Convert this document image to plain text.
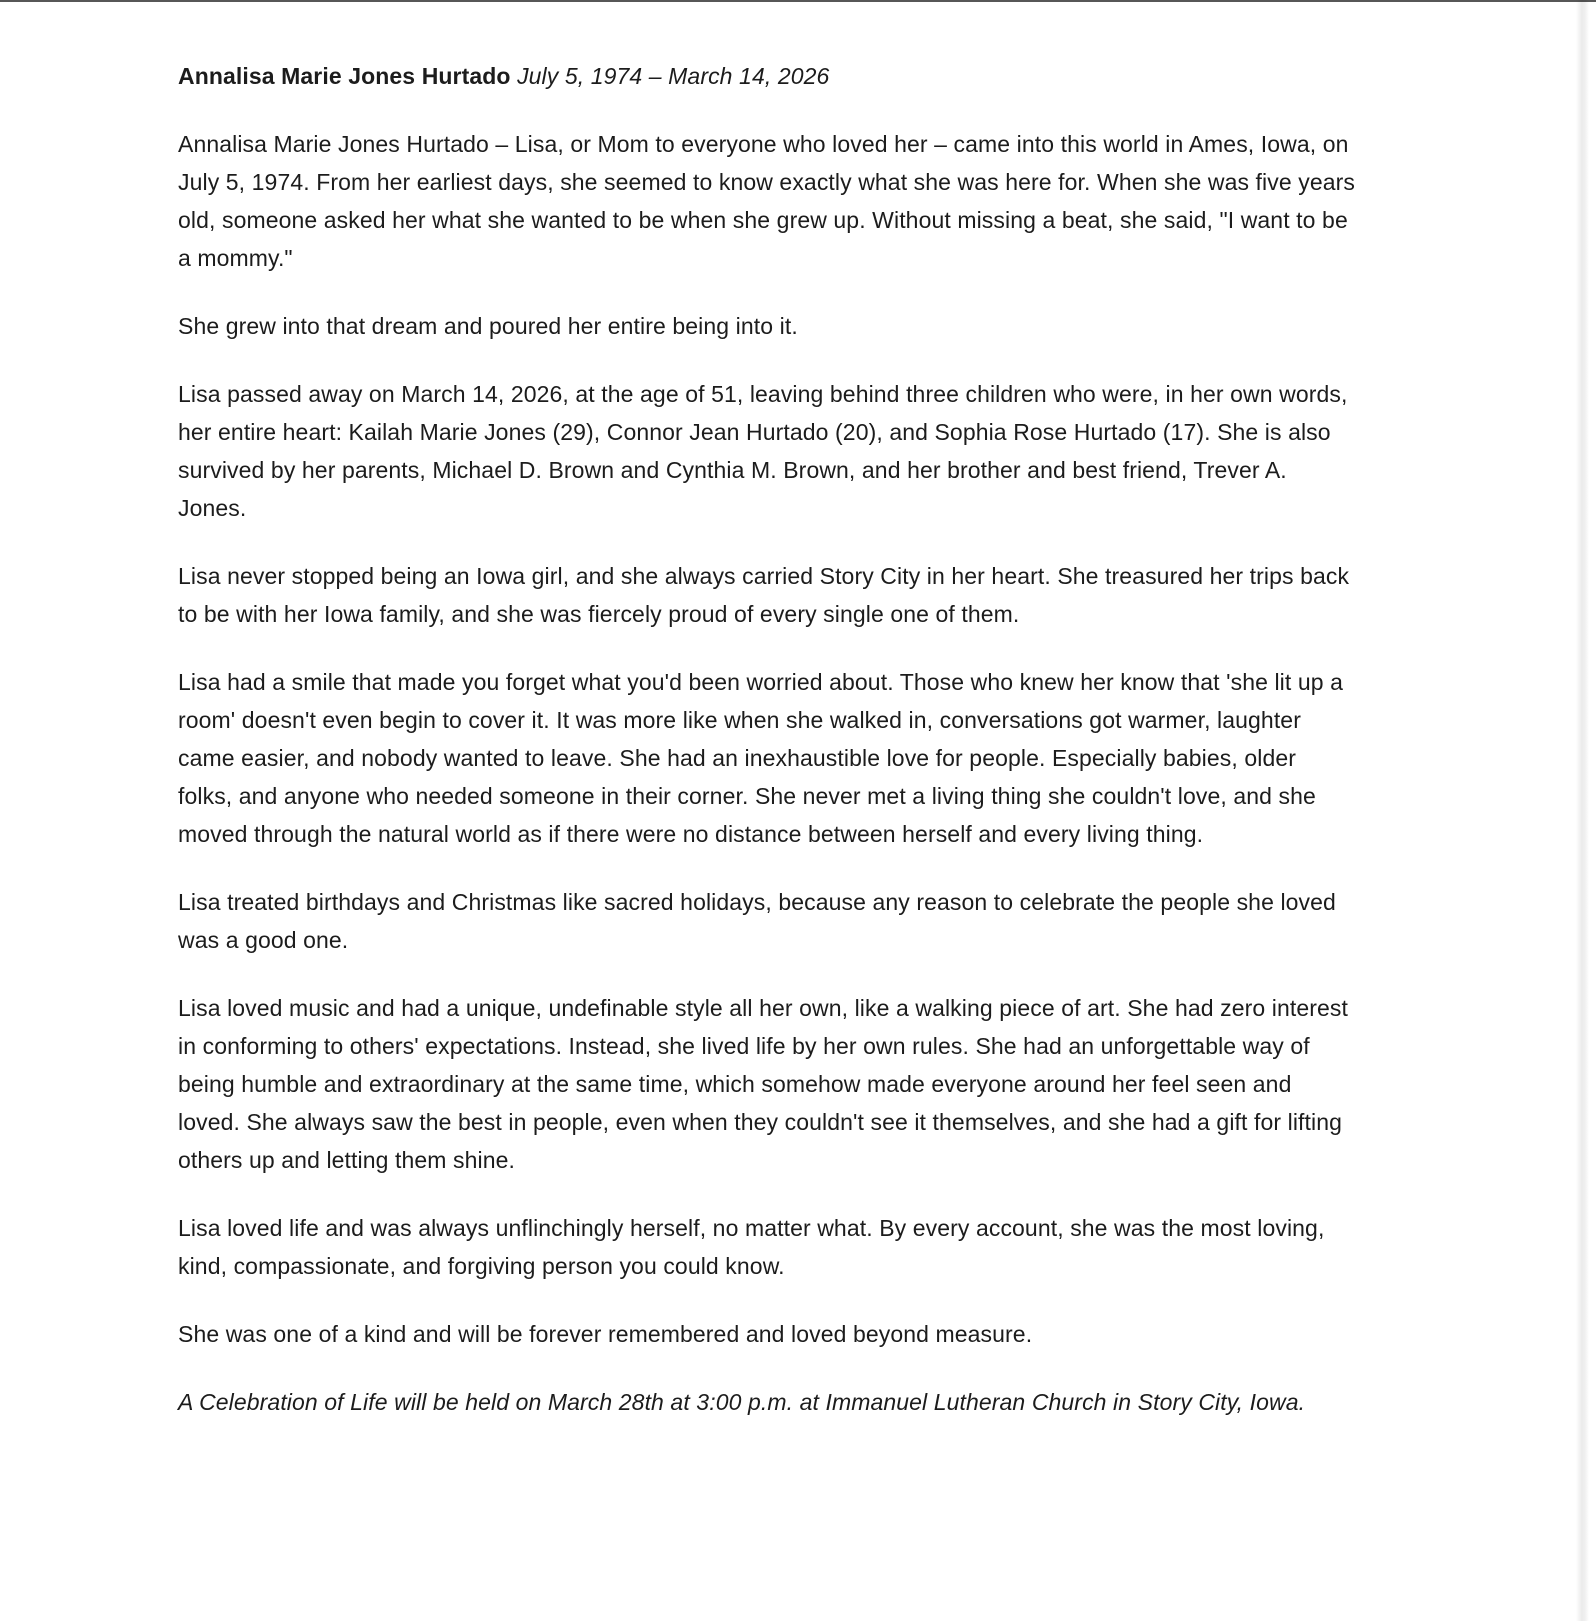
Annalisa Marie Jones Hurtado July 5, 1974 – March 14, 2026

Annalisa Marie Jones Hurtado – Lisa, or Mom to everyone who loved her – came into this world in Ames, Iowa, on July 5, 1974. From her earliest days, she seemed to know exactly what she was here for. When she was five years old, someone asked her what she wanted to be when she grew up. Without missing a beat, she said, "I want to be a mommy."

She grew into that dream and poured her entire being into it.

Lisa passed away on March 14, 2026, at the age of 51, leaving behind three children who were, in her own words, her entire heart: Kailah Marie Jones (29), Connor Jean Hurtado (20), and Sophia Rose Hurtado (17). She is also survived by her parents, Michael D. Brown and Cynthia M. Brown, and her brother and best friend, Trever A. Jones.

Lisa never stopped being an Iowa girl, and she always carried Story City in her heart. She treasured her trips back to be with her Iowa family, and she was fiercely proud of every single one of them.

Lisa had a smile that made you forget what you'd been worried about. Those who knew her know that 'she lit up a room' doesn't even begin to cover it. It was more like when she walked in, conversations got warmer, laughter came easier, and nobody wanted to leave. She had an inexhaustible love for people. Especially babies, older folks, and anyone who needed someone in their corner. She never met a living thing she couldn't love, and she moved through the natural world as if there were no distance between herself and every living thing.

Lisa treated birthdays and Christmas like sacred holidays, because any reason to celebrate the people she loved was a good one.

Lisa loved music and had a unique, undefinable style all her own, like a walking piece of art. She had zero interest in conforming to others' expectations. Instead, she lived life by her own rules. She had an unforgettable way of being humble and extraordinary at the same time, which somehow made everyone around her feel seen and loved. She always saw the best in people, even when they couldn't see it themselves, and she had a gift for lifting others up and letting them shine.

Lisa loved life and was always unflinchingly herself, no matter what. By every account, she was the most loving, kind, compassionate, and forgiving person you could know.

She was one of a kind and will be forever remembered and loved beyond measure.

A Celebration of Life will be held on March 28th at 3:00 p.m. at Immanuel Lutheran Church in Story City, Iowa.
